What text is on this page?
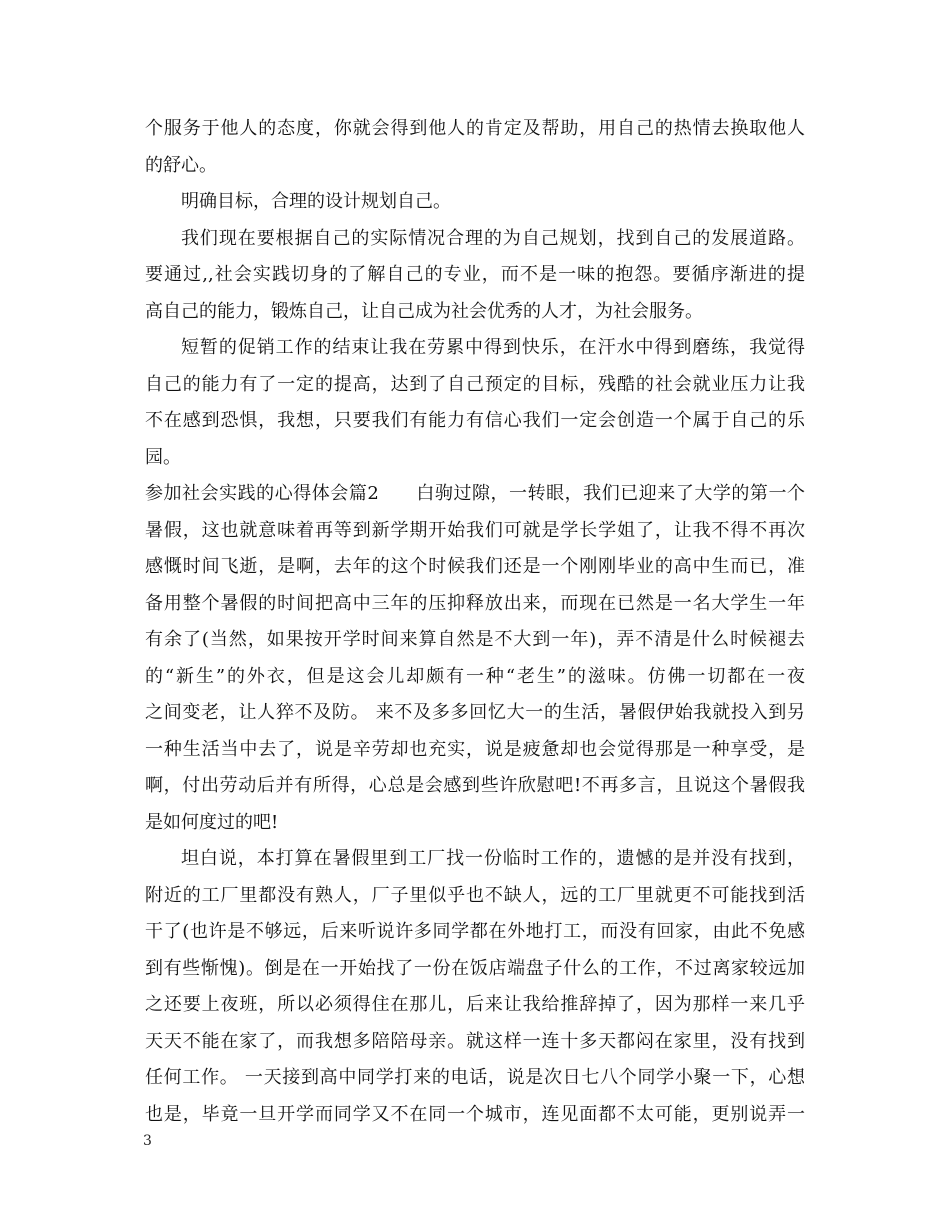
个服务于他人的态度，你就会得到他人的肯定及帮助，用自己的热情去换取他人
的舒心。
明确目标，合理的设计规划自己。
我们现在要根据自己的实际情况合理的为自己规划，找到自己的发展道路。
要通过,,社会实践切身的了解自己的专业，而不是一味的抱怨。要循序渐进的提
高自己的能力，锻炼自己，让自己成为社会优秀的人才，为社会服务。
短暂的促销工作的结束让我在劳累中得到快乐，在汗水中得到磨练，我觉得
自己的能力有了一定的提高，达到了自己预定的目标，残酷的社会就业压力让我
不在感到恐惧，我想，只要我们有能力有信心我们一定会创造一个属于自己的乐
园。
参加社会实践的心得体会篇2　　白驹过隙，一转眼，我们已迎来了大学的第一个
暑假，这也就意味着再等到新学期开始我们可就是学长学姐了，让我不得不再次
感慨时间飞逝，是啊，去年的这个时候我们还是一个刚刚毕业的高中生而已，准
备用整个暑假的时间把高中三年的压抑释放出来，而现在已然是一名大学生一年
有余了(当然，如果按开学时间来算自然是不大到一年)，弄不清是什么时候褪去
的“新生”的外衣，但是这会儿却颇有一种“老生”的滋味。仿佛一切都在一夜
之间变老，让人猝不及防。 来不及多多回忆大一的生活，暑假伊始我就投入到另
一种生活当中去了，说是辛劳却也充实，说是疲惫却也会觉得那是一种享受，是
啊，付出劳动后并有所得，心总是会感到些许欣慰吧!不再多言，且说这个暑假我
是如何度过的吧!
坦白说，本打算在暑假里到工厂找一份临时工作的，遗憾的是并没有找到，
附近的工厂里都没有熟人，厂子里似乎也不缺人，远的工厂里就更不可能找到活
干了(也许是不够远，后来听说许多同学都在外地打工，而没有回家，由此不免感
到有些惭愧)。倒是在一开始找了一份在饭店端盘子什么的工作，不过离家较远加
之还要上夜班，所以必须得住在那儿，后来让我给推辞掉了，因为那样一来几乎
天天不能在家了，而我想多陪陪母亲。就这样一连十多天都闷在家里，没有找到
任何工作。 一天接到高中同学打来的电话，说是次日七八个同学小聚一下，心想
也是，毕竟一旦开学而同学又不在同一个城市，连见面都不太可能，更别说弄一
3
